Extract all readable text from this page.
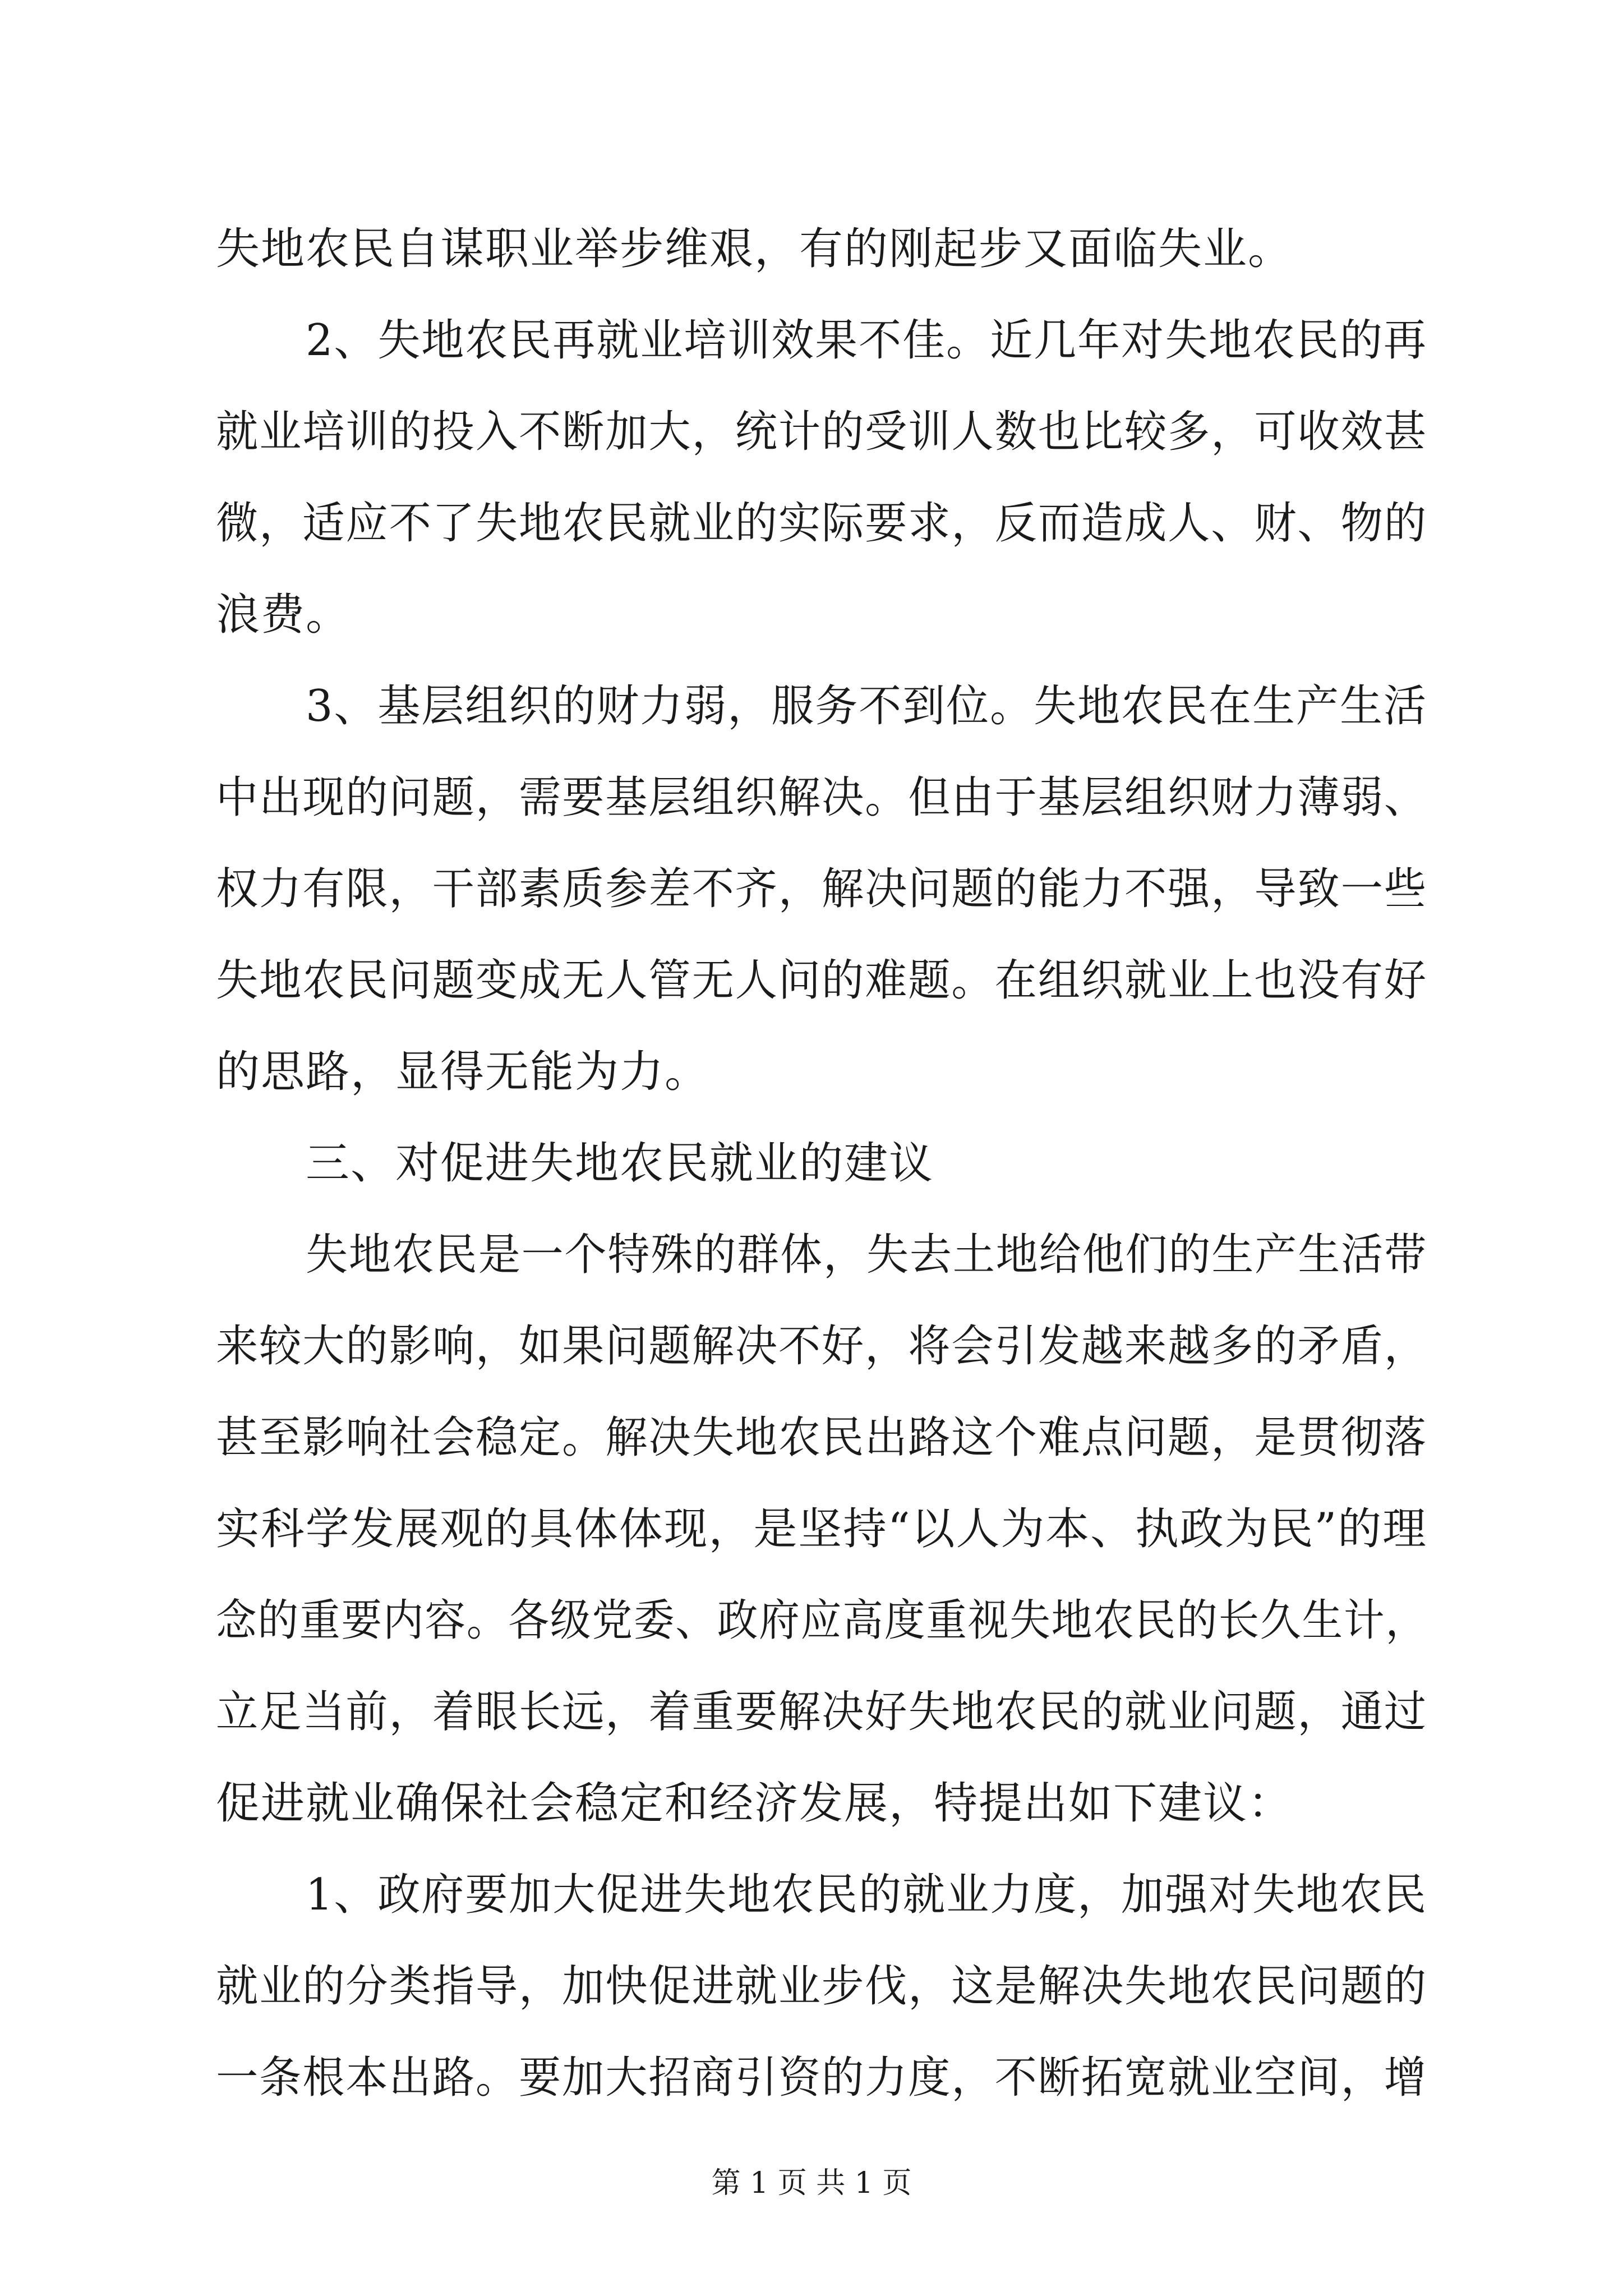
失地农民自谋职业举步维艰，有的刚起步又面临失业。
2、失地农民再就业培训效果不佳。近几年对失地农民的再
就业培训的投入不断加大，统计的受训人数也比较多，可收效甚
微，适应不了失地农民就业的实际要求，反而造成人、财、物的
浪费。
3、基层组织的财力弱，服务不到位。失地农民在生产生活
中出现的问题，需要基层组织解决。但由于基层组织财力薄弱、
权力有限，干部素质参差不齐，解决问题的能力不强，导致一些
失地农民问题变成无人管无人问的难题。在组织就业上也没有好
的思路，显得无能为力。
三、对促进失地农民就业的建议
失地农民是一个特殊的群体，失去土地给他们的生产生活带
来较大的影响，如果问题解决不好，将会引发越来越多的矛盾，
甚至影响社会稳定。解决失地农民出路这个难点问题，是贯彻落
实科学发展观的具体体现，是坚持“以人为本、执政为民”的理
念的重要内容。各级党委、政府应高度重视失地农民的长久生计，
立足当前，着眼长远，着重要解决好失地农民的就业问题，通过
促进就业确保社会稳定和经济发展，特提出如下建议：
1、政府要加大促进失地农民的就业力度，加强对失地农民
就业的分类指导，加快促进就业步伐，这是解决失地农民问题的
一条根本出路。要加大招商引资的力度，不断拓宽就业空间，增
第 1 页 共 1 页
